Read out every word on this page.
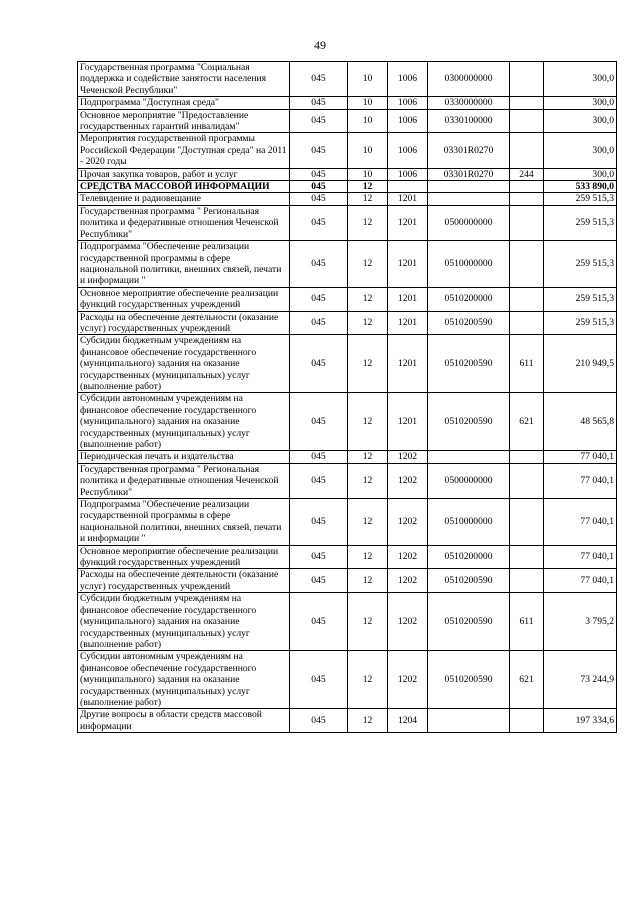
49
Государственная программа "Социальная поддержка и содействие занятости населения Чеченской Республики"	045	10	1006	0300000000		300,0
Подпрограмма "Доступная среда"	045	10	1006	0330000000		300,0
Основное мероприятие "Предоставление государственных гарантий инвалидам"	045	10	1006	0330100000		300,0
Мероприятия государственной программы Российской Федерации "Доступная среда" на 2011 - 2020 годы	045	10	1006	03301R0270		300,0
Прочая закупка товаров, работ и услуг	045	10	1006	03301R0270	244	300,0
СРЕДСТВА МАССОВОЙ ИНФОРМАЦИИ	045	12				533 890,0
Телевидение и радиовещание	045	12	1201			259 515,3
Государственная программа " Региональная политика и федеративные отношения Чеченской Республики"	045	12	1201	0500000000		259 515,3
Подпрограмма "Обеспечение реализации государственной программы в сфере национальной политики, внешних связей, печати и информации "	045	12	1201	0510000000		259 515,3
Основное мероприятие обеспечение реализации функций государственных учреждений	045	12	1201	0510200000		259 515,3
Расходы на обеспечение деятельности (оказание услуг) государственных учреждений	045	12	1201	0510200590		259 515,3
Субсидии бюджетным учреждениям на финансовое обеспечение государственного (муниципального) задания на оказание государственных (муниципальных) услуг (выполнение работ)	045	12	1201	0510200590	611	210 949,5
Субсидии автономным учреждениям на финансовое обеспечение государственного (муниципального) задания на оказание государственных (муниципальных) услуг (выполнение работ)	045	12	1201	0510200590	621	48 565,8
Периодическая печать и издательства	045	12	1202			77 040,1
Государственная программа " Региональная политика и федеративные отношения Чеченской Республики"	045	12	1202	0500000000		77 040,1
Подпрограмма "Обеспечение реализации государственной программы в сфере национальной политики, внешних связей, печати и информации "	045	12	1202	0510000000		77 040,1
Основное мероприятие обеспечение реализации функций государственных учреждений	045	12	1202	0510200000		77 040,1
Расходы на обеспечение деятельности (оказание услуг) государственных учреждений	045	12	1202	0510200590		77 040,1
Субсидии бюджетным учреждениям на финансовое обеспечение государственного (муниципального) задания на оказание государственных (муниципальных) услуг (выполнение работ)	045	12	1202	0510200590	611	3 795,2
Субсидии автономным учреждениям на финансовое обеспечение государственного (муниципального) задания на оказание государственных (муниципальных) услуг (выполнение работ)	045	12	1202	0510200590	621	73 244,9
Другие вопросы в области средств массовой информации	045	12	1204			197 334,6
